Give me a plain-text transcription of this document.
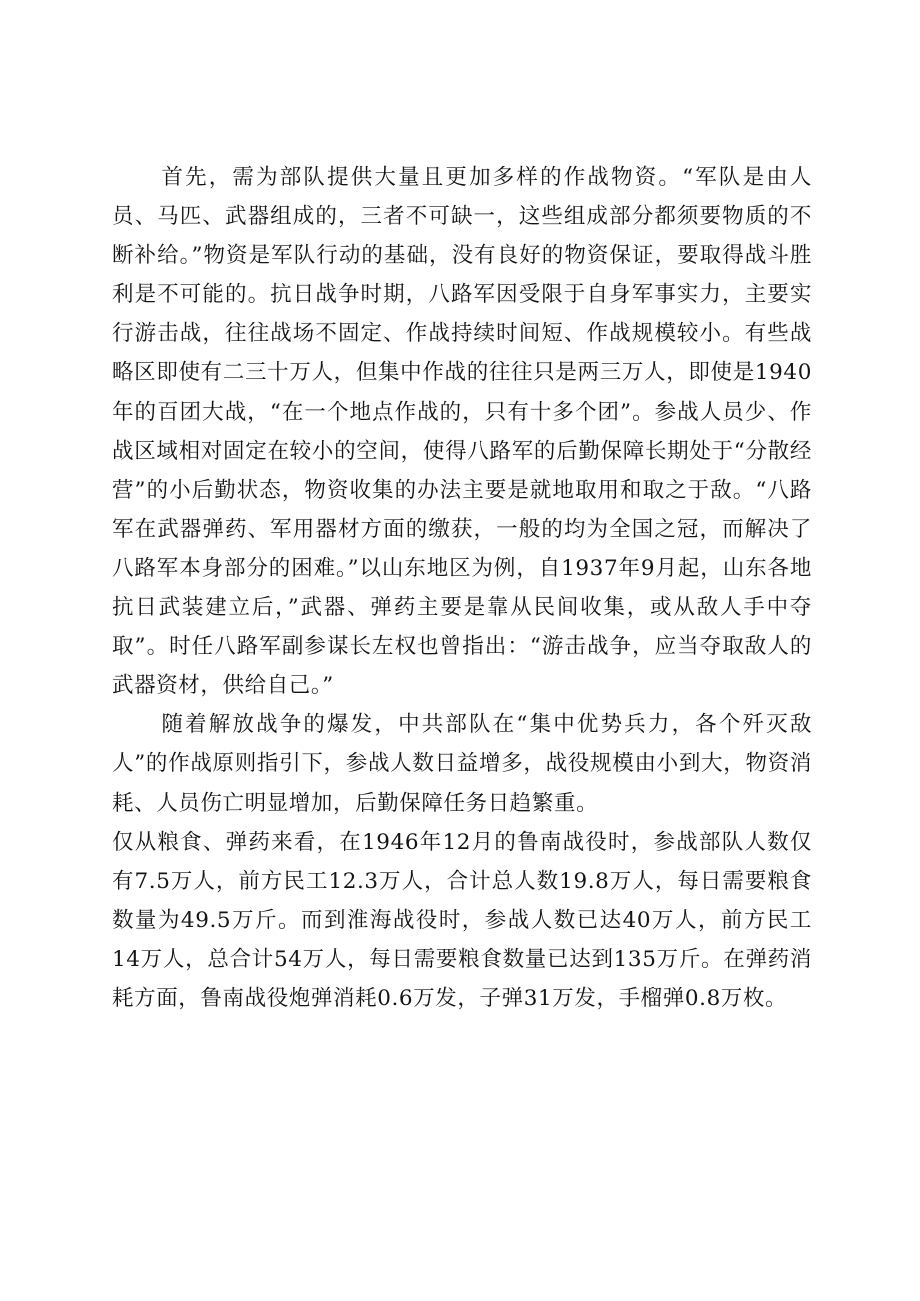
首先，需为部队提供大量且更加多样的作战物资。“军队是由人员、马匹、武器组成的，三者不可缺一，这些组成部分都须要物质的不断补给。”物资是军队行动的基础，没有良好的物资保证，要取得战斗胜利是不可能的。抗日战争时期，八路军因受限于自身军事实力，主要实行游击战，往往战场不固定、作战持续时间短、作战规模较小。有些战略区即使有二三十万人，但集中作战的往往只是两三万人，即使是1940年的百团大战，“在一个地点作战的，只有十多个团”。参战人员少、作战区域相对固定在较小的空间，使得八路军的后勤保障长期处于“分散经营”的小后勤状态，物资收集的办法主要是就地取用和取之于敌。“八路军在武器弹药、军用器材方面的缴获，一般的均为全国之冠，而解决了八路军本身部分的困难。”以山东地区为例，自1937年9月起，山东各地抗日武装建立后，”武器、弹药主要是靠从民间收集，或从敌人手中夺取”。时任八路军副参谋长左权也曾指出：“游击战争，应当夺取敌人的武器资材，供给自己。”

随着解放战争的爆发，中共部队在“集中优势兵力，各个歼灭敌人”的作战原则指引下，参战人数日益增多，战役规模由小到大，物资消耗、人员伤亡明显增加，后勤保障任务日趋繁重。

仅从粮食、弹药来看，在1946年12月的鲁南战役时，参战部队人数仅有7.5万人，前方民工12.3万人，合计总人数19.8万人，每日需要粮食数量为49.5万斤。而到淮海战役时，参战人数已达40万人，前方民工14万人，总合计54万人，每日需要粮食数量已达到135万斤。在弹药消耗方面，鲁南战役炮弹消耗0.6万发，子弹31万发，手榴弹0.8万枚。
